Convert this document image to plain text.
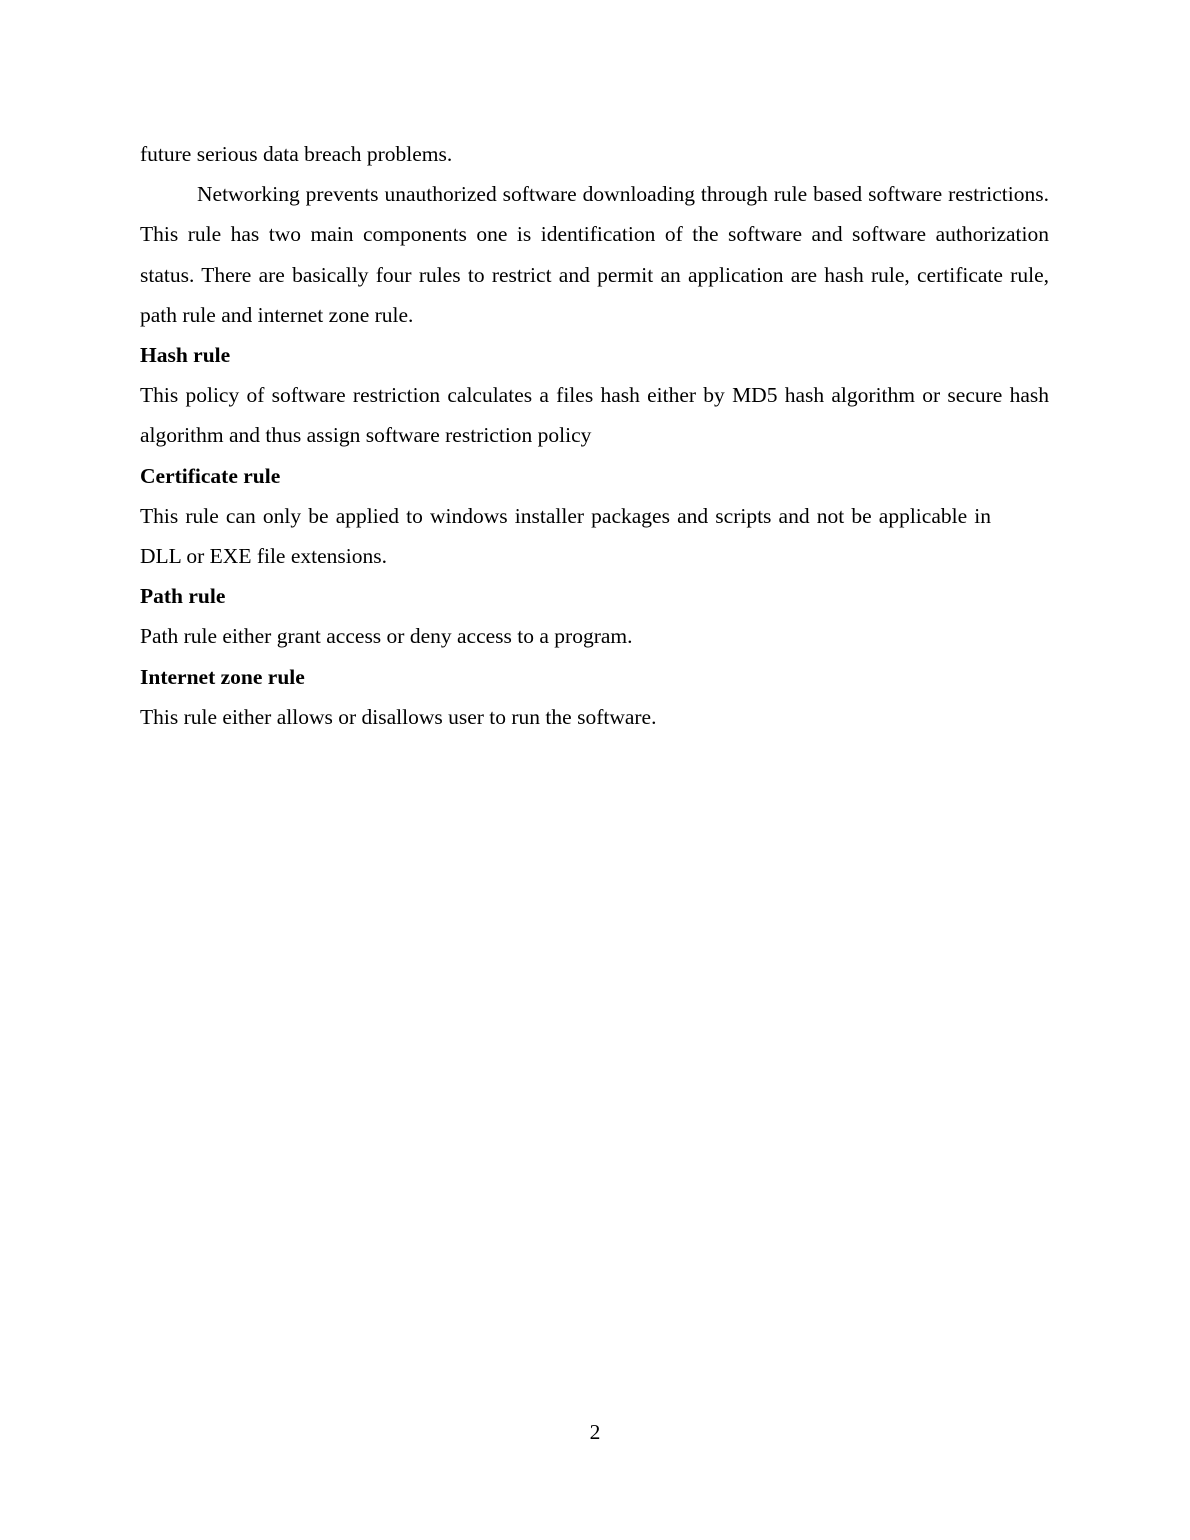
future serious data breach problems.

Networking prevents unauthorized software downloading through rule based software restrictions. This rule has two main components one is identification of the software and software authorization status. There are basically four rules to restrict and permit an application are hash rule, certificate rule, path rule and internet zone rule.

Hash rule

This policy of software restriction calculates a files hash either by MD5 hash algorithm or secure hash algorithm and thus assign software restriction policy

Certificate rule

This rule can only be applied to windows installer packages and scripts and not be applicable in DLL or EXE file extensions.

Path rule

Path rule either grant access or deny access to a program.

Internet zone rule

This rule either allows or disallows user to run the software.

2
